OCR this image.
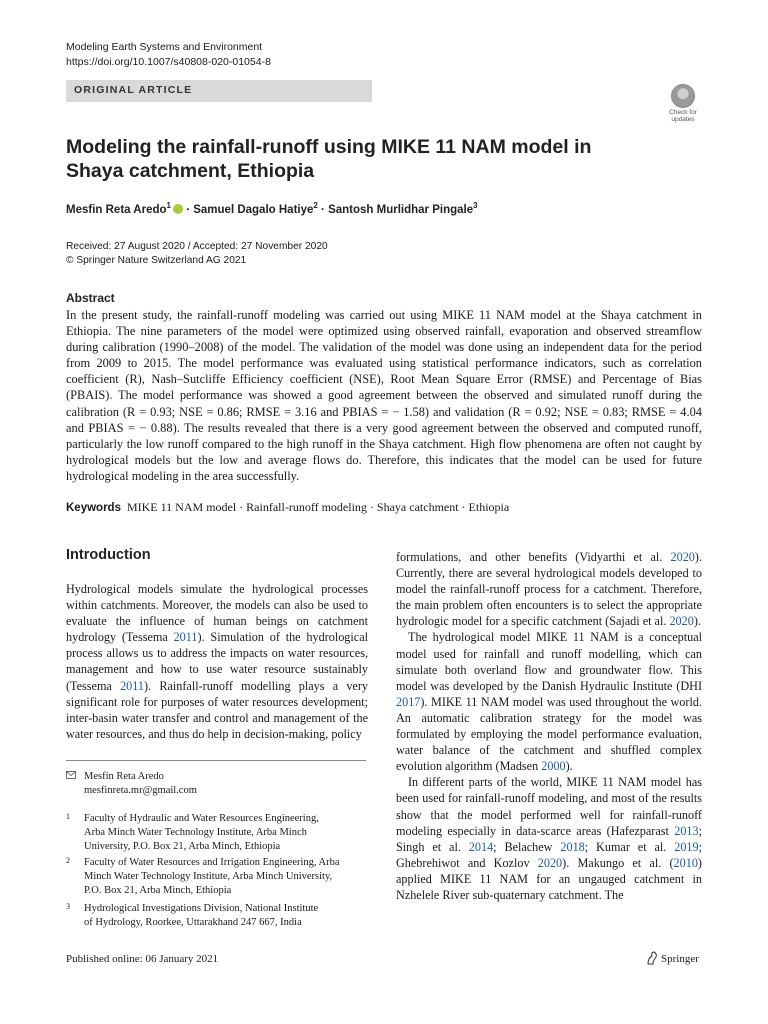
Modeling Earth Systems and Environment
https://doi.org/10.1007/s40808-020-01054-8
ORIGINAL ARTICLE
Check for updates
Modeling the rainfall-runoff using MIKE 11 NAM model in Shaya catchment, Ethiopia
Mesfin Reta Aredo$^1$ · Samuel Dagalo Hatiye$^2$ · Santosh Murlidhar Pingale$^3$
Received: 27 August 2020 / Accepted: 27 November 2020
© Springer Nature Switzerland AG 2021
Abstract

In the present study, the rainfall-runoff modeling was carried out using MIKE 11 NAM model at the Shaya catchment in Ethiopia. The nine parameters of the model were optimized using observed rainfall, evaporation and observed streamflow during calibration (1990–2008) of the model. The validation of the model was done using an independent data for the period from 2009 to 2015. The model performance was evaluated using statistical performance indicators, such as correlation coefficient (R), Nash–Sutcliffe Efficiency coefficient (NSE), Root Mean Square Error (RMSE) and Percentage of Bias (PBAIS). The model performance was showed a good agreement between the observed and simulated runoff during the calibration (R = 0.93; NSE = 0.86; RMSE = 3.16 and PBIAS = − 1.58) and validation (R = 0.92; NSE = 0.83; RMSE = 4.04 and PBIAS = − 0.88). The results revealed that there is a very good agreement between the observed and computed runoff, particularly the low runoff compared to the high runoff in the Shaya catchment. High flow phenomena are often not caught by hydrological models but the low and average flows do. Therefore, this indicates that the model can be used for future hydrological modeling in the area successfully.

Keywords MIKE 11 NAM model · Rainfall-runoff modeling · Shaya catchment · Ethiopia
Introduction

Hydrological models simulate the hydrological processes within catchments. Moreover, the models can also be used to evaluate the influence of human beings on catchment hydrology (Tessema 2011). Simulation of the hydrological process allows us to address the impacts on water resources, management and how to use water resource sustainably (Tessema 2011). Rainfall-runoff modelling plays a very significant role for purposes of water resources development; inter-basin water transfer and control and management of the water resources, and thus do help in decision-making, policy

formulations, and other benefits (Vidyarthi et al. 2020). Currently, there are several hydrological models developed to model the rainfall-runoff process for a catchment. Therefore, the main problem often encounters is to select the appropriate hydrologic model for a specific catchment (Sajadi et al. 2020).

The hydrological model MIKE 11 NAM is a conceptual model used for rainfall and runoff modelling, which can simulate both overland flow and groundwater flow. This model was developed by the Danish Hydraulic Institute (DHI 2017). MIKE 11 NAM model was used throughout the world. An automatic calibration strategy for the model was formulated by employing the model performance evaluation, water balance of the catchment and shuffled complex evolution algorithm (Madsen 2000).

In different parts of the world, MIKE 11 NAM model has been used for rainfall-runoff modeling, and most of the results show that the model performed well for rainfall-runoff modeling especially in data-scarce areas (Hafezparast 2013; Singh et al. 2014; Belachew 2018; Kumar et al. 2019; Ghebrehiwot and Kozlov 2020). Makungo et al. (2010) applied MIKE 11 NAM for an ungauged catchment in Nzhelele River sub-quaternary catchment. The

Mesfin Reta Aredo
mesfinreta.mr@gmail.com
1 Faculty of Hydraulic and Water Resources Engineering,
Arba Minch Water Technology Institute, Arba Minch
University, P.O. Box 21, Arba Minch, Ethiopia
2 Faculty of Water Resources and Irrigation Engineering, Arba
Minch Water Technology Institute, Arba Minch University,
P.O. Box 21, Arba Minch, Ethiopia
3 Hydrological Investigations Division, National Institute
of Hydrology, Roorkee, Uttarakhand 247 667, India
Published online: 06 January 2021	Springer
